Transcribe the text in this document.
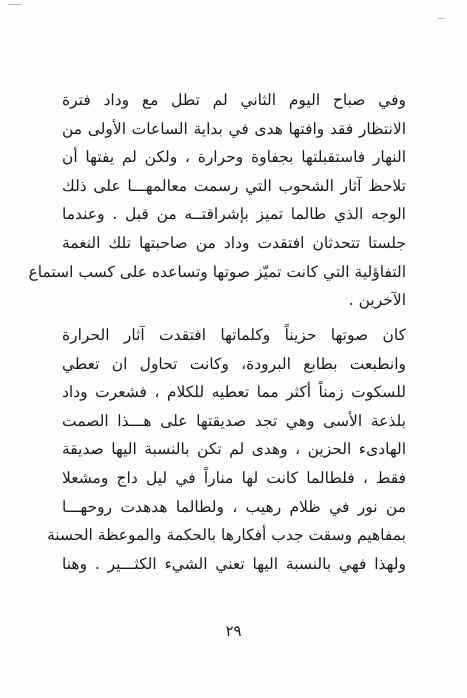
وفي صباح اليوم الثاني لم تطل مع وداد فترة
الانتظار فقد وافتها هدى في بداية الساعات الأولى من
النهار فاستقبلتها بجفاوة وحرارة ، ولكن لم يفتها أن
تلاحظ آثار الشحوب التي رسمت معالمهـــا على ذلك
الوجه الذي طالما تميز بإشراقتــه من قبل . وعندما
جلستا تتحدثان افتقدت وداد من صاحبتها تلك النغمة
التفاؤلية التي كانت تميّز صوتها وتساعده على كسب استماع
الآخرين .
كان صوتها حزيناً وكلماتها افتقدت آثار الحرارة
وانطبعت بطابع البرودة، وكانت تحاول ان تعطي
للسكوت زمناً أكثر مما تعطيه للكلام ، فشعرت وداد
بلذعة الأسى وهي تجد صديقتها على هـــذا الصمت
الهادىء الحزين ، وهدى لم تكن بالنسبة اليها صديقة
فقط ، فلطالما كانت لها مناراً في ليل داج ومشعلا
من نور في ظلام رهيب ، ولطالما هدهدت روحهـــا
بمفاهيم وسقت جدب أفكارها بالحكمة والموعظة الحسنة
ولهذا فهي بالنسبة اليها تعني الشيء الكثـــير . وهنا
٢٩
